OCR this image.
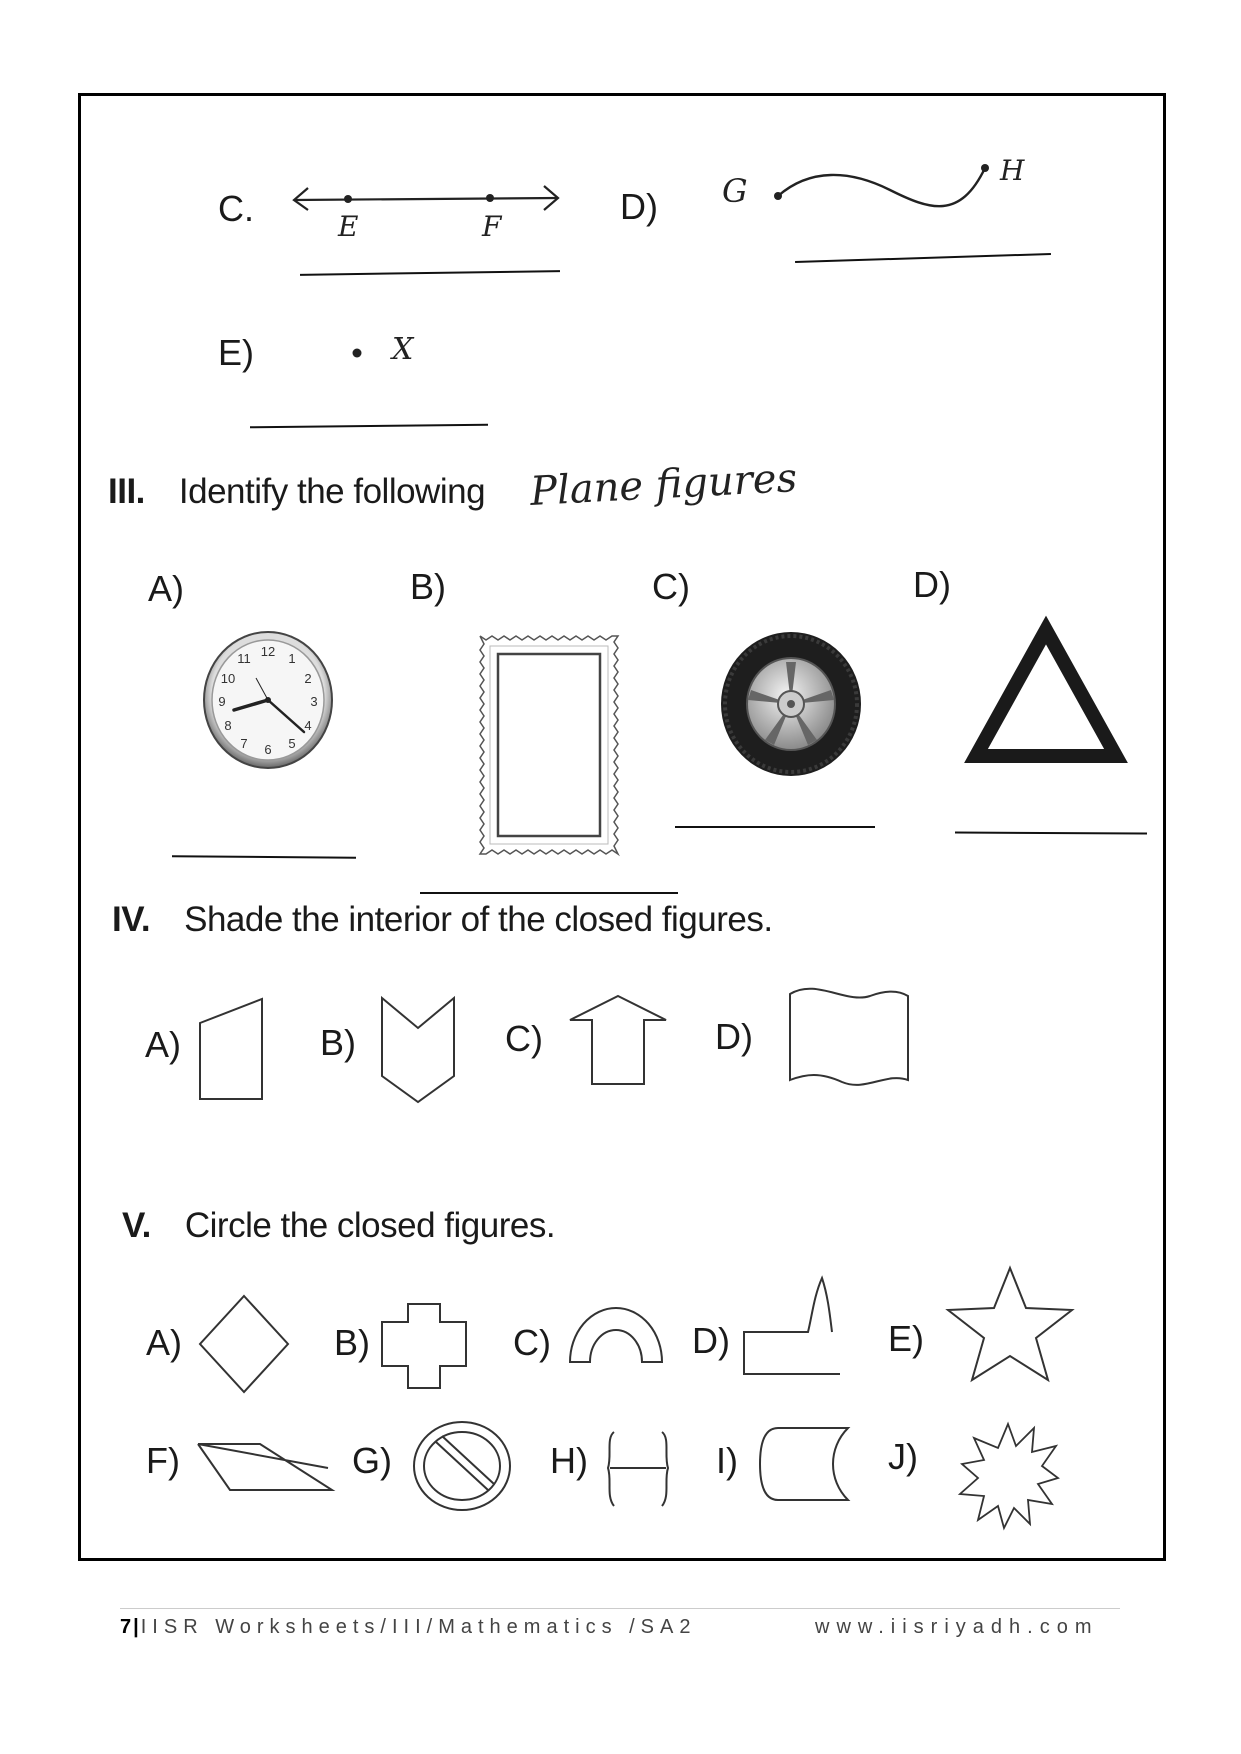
C.	E	F	D) G
H
E)	X
III. Identify the following Plane figures
A)	B)	C)	D)
12 1
2
3
4
5
6
7
8
9
10
11
IV. Shade the interior of the closed figures.
A)	B)	C)	D)
V. Circle the closed figures.
A)	B)	C)	D)	E)
F)	G)	H)	I)	J)
7|IISR Worksheets/III/Mathematics /SA2	www.iisriyadh.com
